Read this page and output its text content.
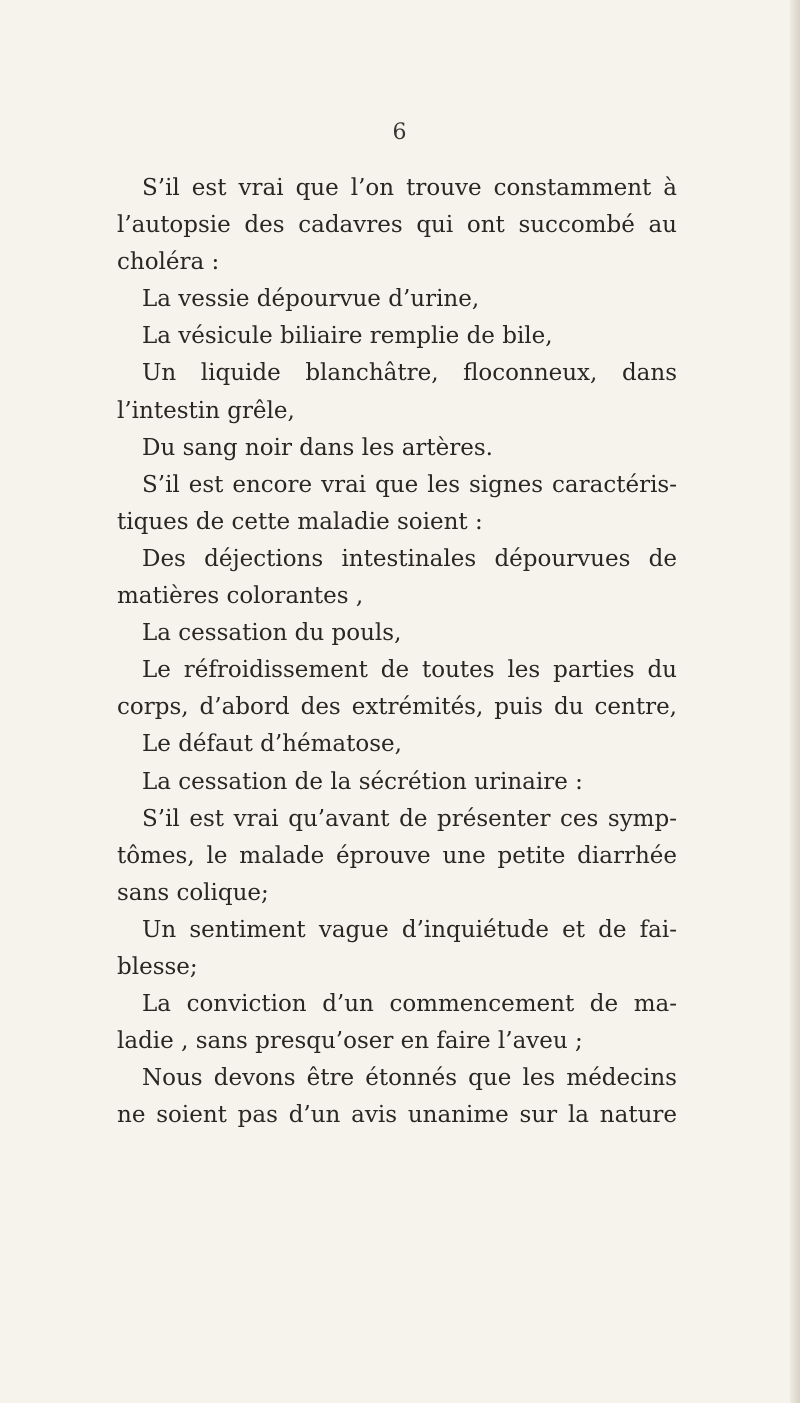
6
S’il est vrai que l’on trouve constamment à
l’autopsie des cadavres qui ont succombé au
choléra :
La vessie dépourvue d’urine,
La vésicule biliaire remplie de bile,
Un liquide blanchâtre, floconneux, dans
l’intestin grêle,
Du sang noir dans les artères.
S’il est encore vrai que les signes caractéris-
tiques de cette maladie soient :
Des déjections intestinales dépourvues de
matières colorantes ,
La cessation du pouls,
Le réfroidissement de toutes les parties du
corps, d’abord des extrémités, puis du centre,
Le défaut d’hématose,
La cessation de la sécrétion urinaire :
S’il est vrai qu’avant de présenter ces symp-
tômes, le malade éprouve une petite diarrhée
sans colique;
Un sentiment vague d’inquiétude et de fai-
blesse;
La conviction d’un commencement de ma-
ladie , sans presqu’oser en faire l’aveu ;
Nous devons être étonnés que les médecins
ne soient pas d’un avis unanime sur la nature
